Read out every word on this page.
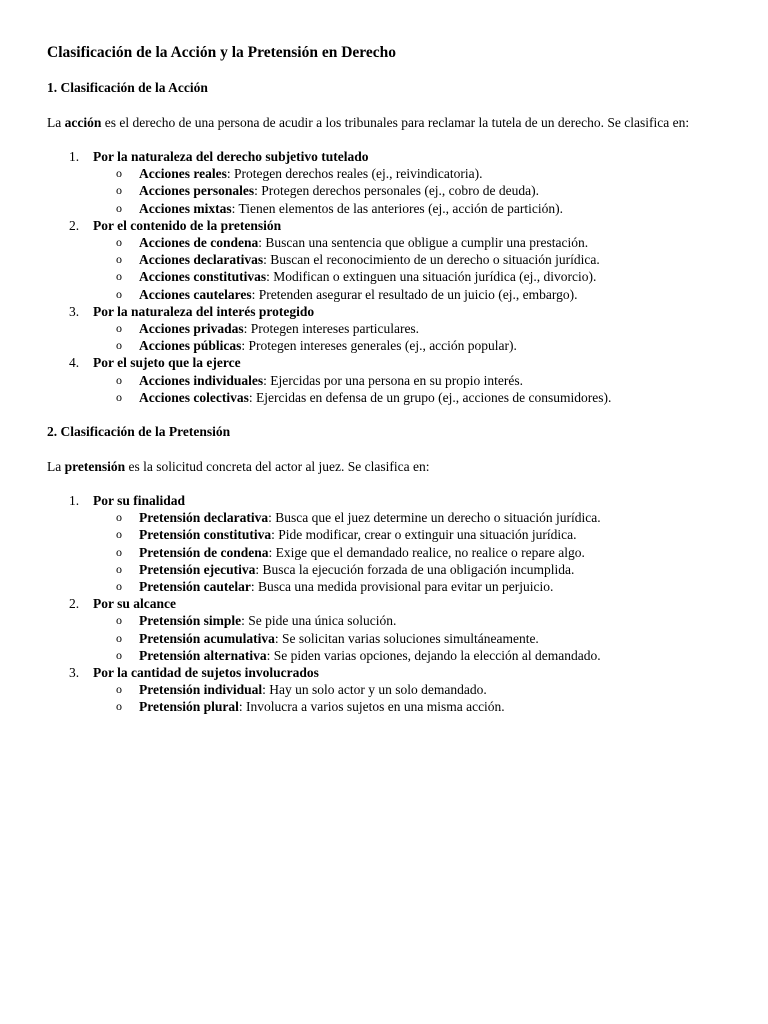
Clasificación de la Acción y la Pretensión en Derecho
1. Clasificación de la Acción

La acción es el derecho de una persona de acudir a los tribunales para reclamar la tutela de un derecho. Se clasifica en:

1. Por la naturaleza del derecho subjetivo tutelado
o Acciones reales: Protegen derechos reales (ej., reivindicatoria).
o Acciones personales: Protegen derechos personales (ej., cobro de deuda).
o Acciones mixtas: Tienen elementos de las anteriores (ej., acción de partición).
2. Por el contenido de la pretensión
o Acciones de condena: Buscan una sentencia que obligue a cumplir una prestación.
o Acciones declarativas: Buscan el reconocimiento de un derecho o situación jurídica.
o Acciones constitutivas: Modifican o extinguen una situación jurídica (ej., divorcio).
o Acciones cautelares: Pretenden asegurar el resultado de un juicio (ej., embargo).
3. Por la naturaleza del interés protegido
o Acciones privadas: Protegen intereses particulares.
o Acciones públicas: Protegen intereses generales (ej., acción popular).
4. Por el sujeto que la ejerce
o Acciones individuales: Ejercidas por una persona en su propio interés.
o Acciones colectivas: Ejercidas en defensa de un grupo (ej., acciones de consumidores).
2. Clasificación de la Pretensión

La pretensión es la solicitud concreta del actor al juez. Se clasifica en:

1. Por su finalidad
o Pretensión declarativa: Busca que el juez determine un derecho o situación jurídica.
o Pretensión constitutiva: Pide modificar, crear o extinguir una situación jurídica.
o Pretensión de condena: Exige que el demandado realice, no realice o repare algo.
o Pretensión ejecutiva: Busca la ejecución forzada de una obligación incumplida.
o Pretensión cautelar: Busca una medida provisional para evitar un perjuicio.
2. Por su alcance
o Pretensión simple: Se pide una única solución.
o Pretensión acumulativa: Se solicitan varias soluciones simultáneamente.
o Pretensión alternativa: Se piden varias opciones, dejando la elección al demandado.
3. Por la cantidad de sujetos involucrados
o Pretensión individual: Hay un solo actor y un solo demandado.
o Pretensión plural: Involucra a varios sujetos en una misma acción.
